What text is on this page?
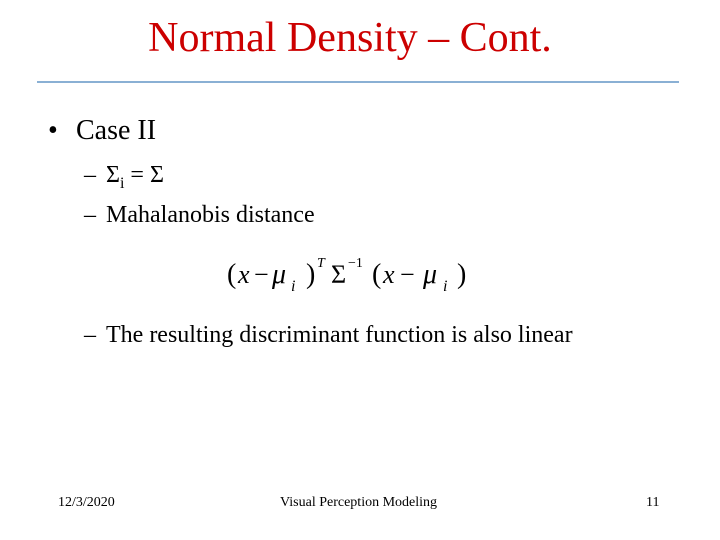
Normal Density – Cont.
• Case II
– $\Sigma_i = \Sigma$
– Mahalanobis distance
( x − μ i ) T Σ −1 ( x − μ i )
– The resulting discriminant function is also linear
12/3/2020	Visual Perception Modeling	11
